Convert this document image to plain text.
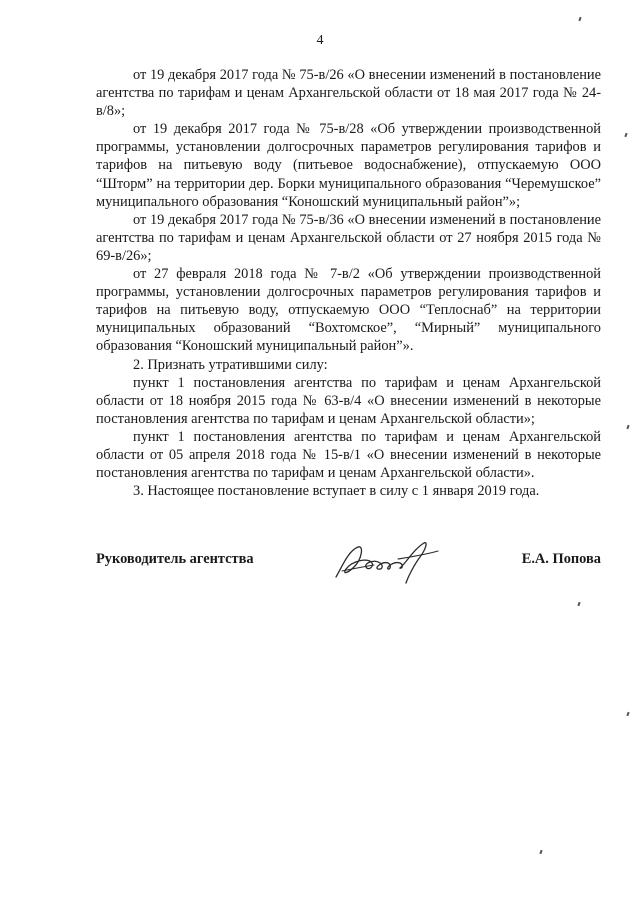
4

от 19 декабря 2017 года № 75-в/26 «О внесении изменений в постановление агентства по тарифам и ценам Архангельской области от 18 мая 2017 года № 24-в/8»;

от 19 декабря 2017 года № 75-в/28 «Об утверждении производственной программы, установлении долгосрочных параметров регулирования тарифов и тарифов на питьевую воду (питьевое водоснабжение), отпускаемую ООО “Шторм” на территории дер. Борки муниципального образования “Черемушское” муниципального образования “Коношский муниципальный район”»;

от 19 декабря 2017 года № 75-в/36 «О внесении изменений в постановление агентства по тарифам и ценам Архангельской области от 27 ноября 2015 года № 69-в/26»;

от 27 февраля 2018 года № 7-в/2 «Об утверждении производственной программы, установлении долгосрочных параметров регулирования тарифов и тарифов на питьевую воду, отпускаемую ООО “Теплоснаб” на территории муниципальных образований “Вохтомское”, “Мирный” муниципального образования “Коношский муниципальный район”».

2. Признать утратившими силу:

пункт 1 постановления агентства по тарифам и ценам Архангельской области от 18 ноября 2015 года № 63-в/4 «О внесении изменений в некоторые постановления агентства по тарифам и ценам Архангельской области»;

пункт 1 постановления агентства по тарифам и ценам Архангельской области от 05 апреля 2018 года № 15-в/1 «О внесении изменений в некоторые постановления агентства по тарифам и ценам Архангельской области».

3. Настоящее постановление вступает в силу с 1 января 2019 года.

Руководитель агентства	Е.А. Попова
